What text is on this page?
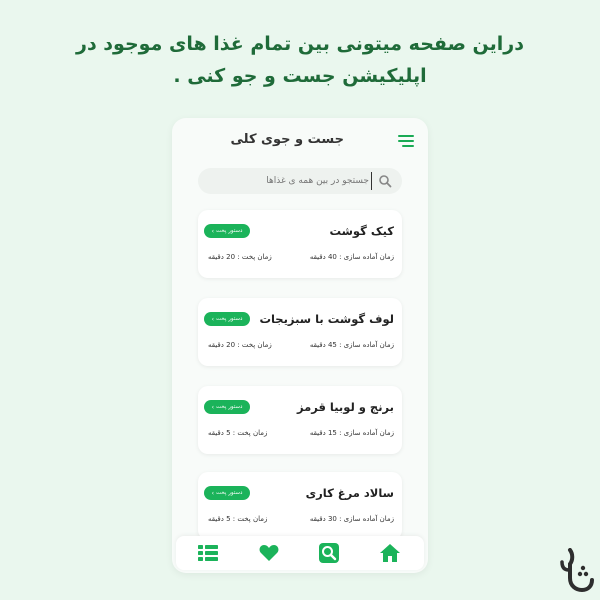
دراین صفحه میتونی بین تمام غذا های موجود در
اپلیکیشن جست و جو کنی .
جست و جوی کلی
جستجو در بین همه ی غذاها
کیک گوشت
دستور پخت
›
زمان آماده سازی : 40 دقیقه
زمان پخت : 20 دقیقه
لوف گوشت با سبزیجات
دستور پخت
›
زمان آماده سازی : 45 دقیقه
زمان پخت : 20 دقیقه
برنج و لوبیا قرمز
دستور پخت
›
زمان آماده سازی : 15 دقیقه
زمان پخت : 5 دقیقه
سالاد مرغ کاری
دستور پخت
›
زمان آماده سازی : 30 دقیقه
زمان پخت : 5 دقیقه
